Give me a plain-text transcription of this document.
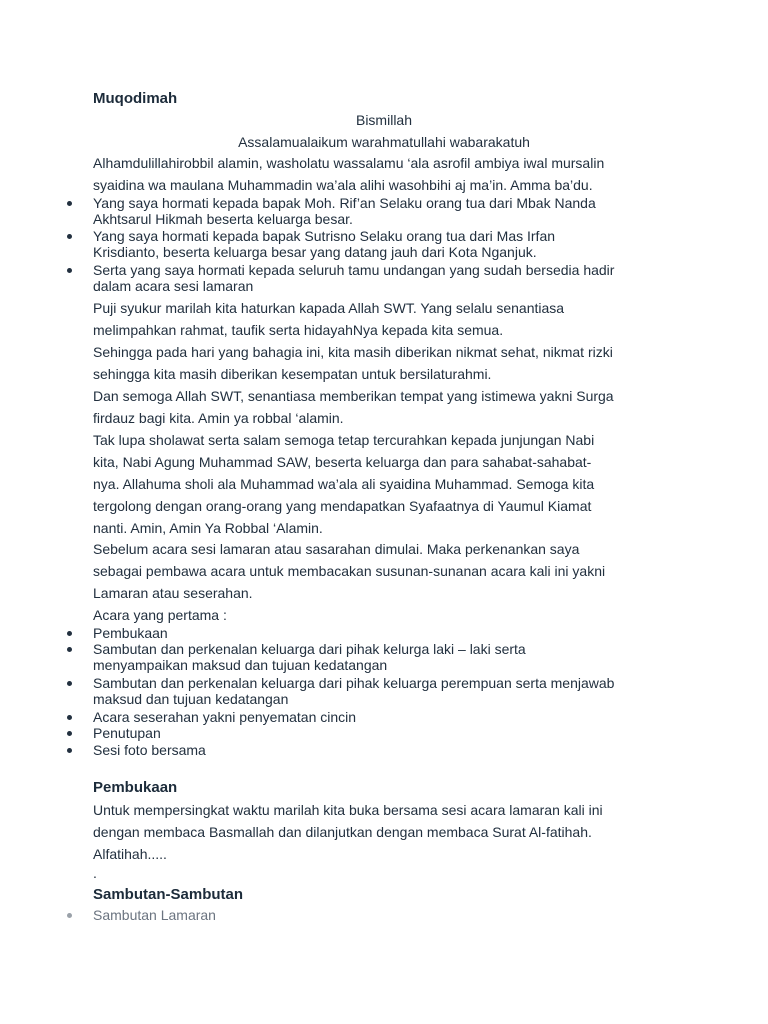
Muqodimah
Bismillah
Assalamualaikum warahmatullahi wabarakatuh
Alhamdulillahirobbil alamin, washolatu wassalamu ‘ala asrofil ambiya iwal mursalin
syaidina wa maulana Muhammadin wa’ala alihi wasohbihi aj ma’in. Amma ba’du.
Yang saya hormati kepada bapak Moh. Rif’an Selaku orang tua dari Mbak Nanda
Akhtsarul Hikmah beserta keluarga besar.
Yang saya hormati kepada bapak Sutrisno Selaku orang tua dari Mas Irfan
Krisdianto, beserta keluarga besar yang datang jauh dari Kota Nganjuk.
Serta yang saya hormati kepada seluruh tamu undangan yang sudah bersedia hadir
dalam acara sesi lamaran
Puji syukur marilah kita haturkan kapada Allah SWT. Yang selalu senantiasa
melimpahkan rahmat, taufik serta hidayahNya kepada kita semua.
Sehingga pada hari yang bahagia ini, kita masih diberikan nikmat sehat, nikmat rizki
sehingga kita masih diberikan kesempatan untuk bersilaturahmi.
Dan semoga Allah SWT, senantiasa memberikan tempat yang istimewa yakni Surga
firdauz bagi kita. Amin ya robbal ‘alamin.
Tak lupa sholawat serta salam semoga tetap tercurahkan kepada junjungan Nabi
kita, Nabi Agung Muhammad SAW, beserta keluarga dan para sahabat-sahabat-
nya. Allahuma sholi ala Muhammad wa’ala ali syaidina Muhammad. Semoga kita
tergolong dengan orang-orang yang mendapatkan Syafaatnya di Yaumul Kiamat
nanti. Amin, Amin Ya Robbal ‘Alamin.
Sebelum acara sesi lamaran atau sasarahan dimulai. Maka perkenankan saya
sebagai pembawa acara untuk membacakan susunan-sunanan acara kali ini yakni
Lamaran atau seserahan.
Acara yang pertama :
Pembukaan
Sambutan dan perkenalan keluarga dari pihak kelurga laki – laki serta
menyampaikan maksud dan tujuan kedatangan
Sambutan dan perkenalan keluarga dari pihak keluarga perempuan serta menjawab
maksud dan tujuan kedatangan
Acara seserahan yakni penyematan cincin
Penutupan
Sesi foto bersama
Pembukaan
Untuk mempersingkat waktu marilah kita buka bersama sesi acara lamaran kali ini
dengan membaca Basmallah dan dilanjutkan dengan membaca Surat Al-fatihah.
Alfatihah.....
.
Sambutan-Sambutan
Sambutan Lamaran
